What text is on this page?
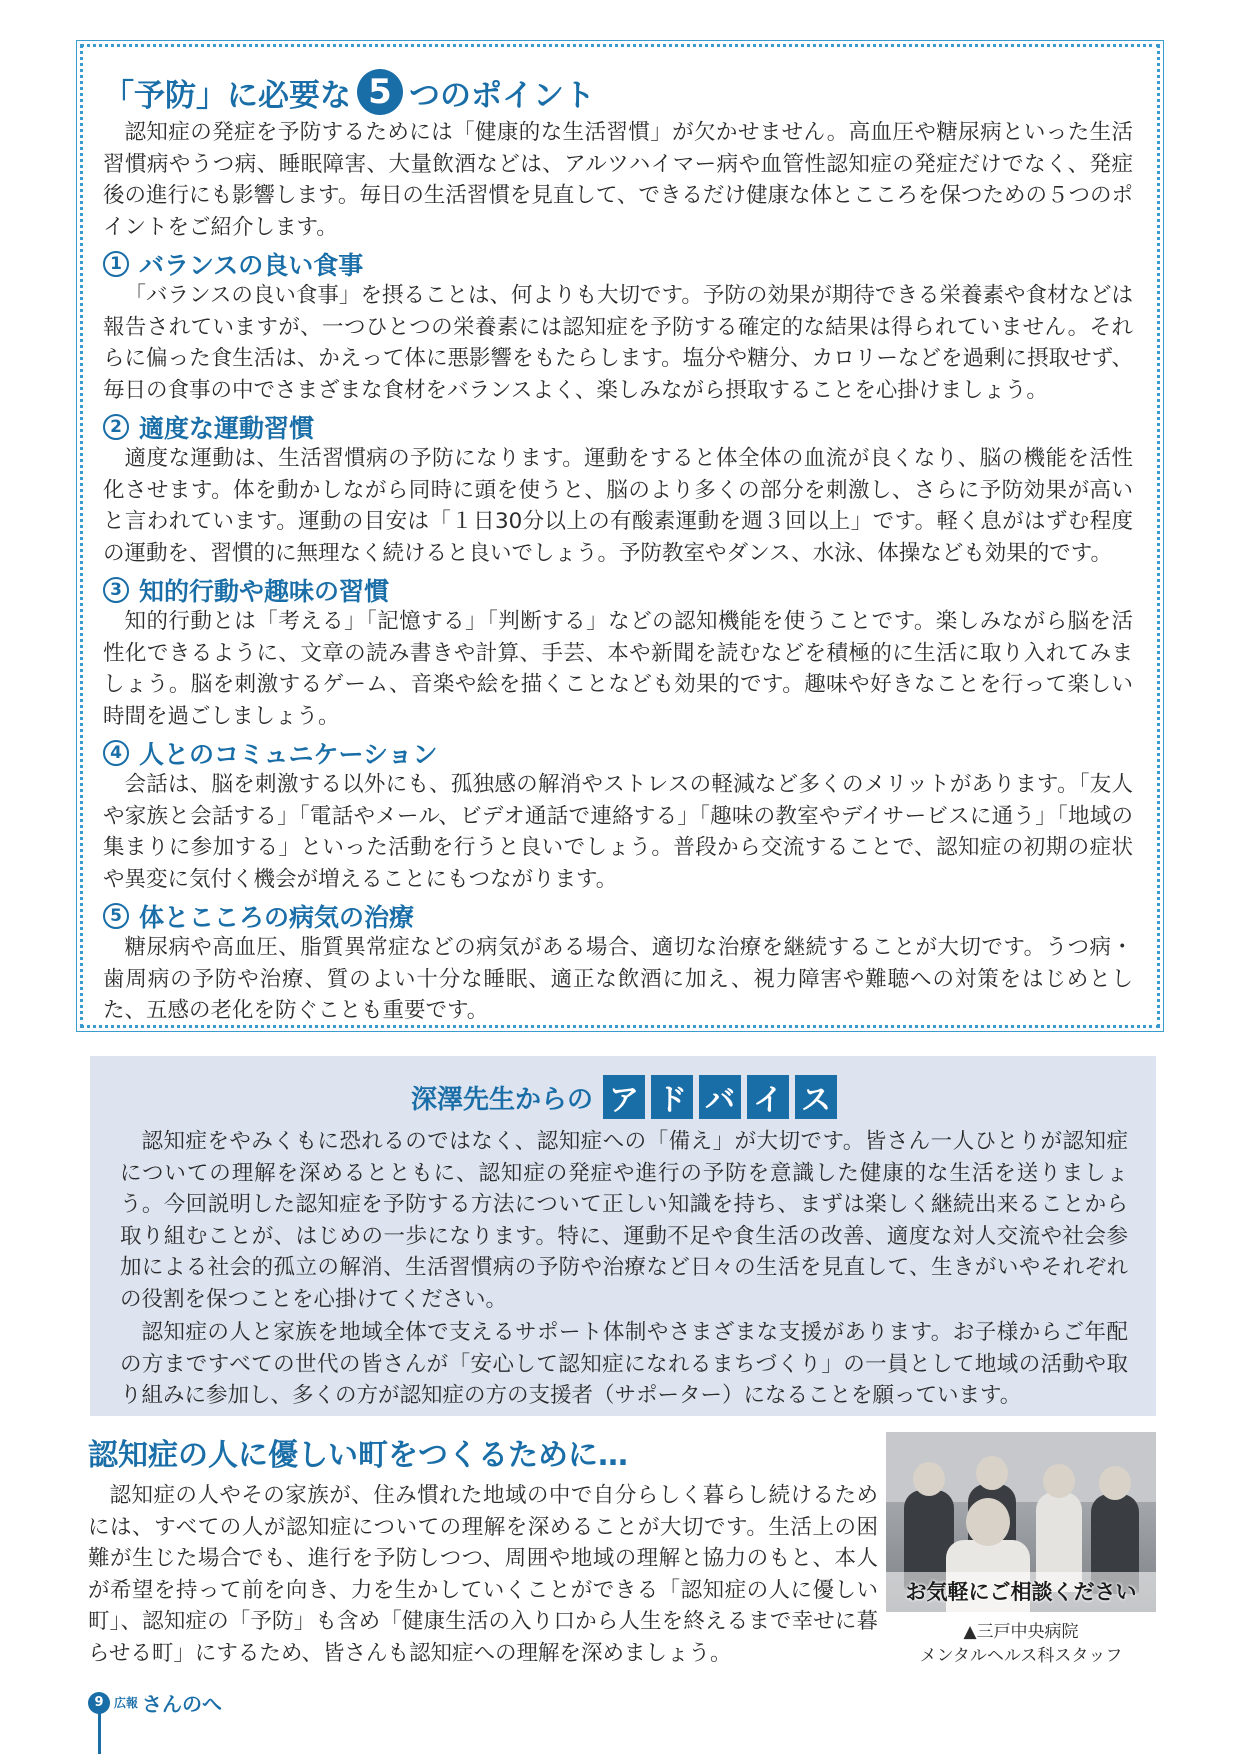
「予防」に必要な 5 つのポイント

認知症の発症を予防するためには「健康的な生活習慣」が欠かせません。高血圧や糖尿病といった生活習慣病やうつ病、睡眠障害、大量飲酒などは、アルツハイマー病や血管性認知症の発症だけでなく、発症後の進行にも影響します。毎日の生活習慣を見直して、できるだけ健康な体とこころを保つための５つのポイントをご紹介します。

1 バランスの良い食事

「バランスの良い食事」を摂ることは、何よりも大切です。予防の効果が期待できる栄養素や食材などは報告されていますが、一つひとつの栄養素には認知症を予防する確定的な結果は得られていません。それらに偏った食生活は、かえって体に悪影響をもたらします。塩分や糖分、カロリーなどを過剰に摂取せず、毎日の食事の中でさまざまな食材をバランスよく、楽しみながら摂取することを心掛けましょう。

2 適度な運動習慣

適度な運動は、生活習慣病の予防になります。運動をすると体全体の血流が良くなり、脳の機能を活性化させます。体を動かしながら同時に頭を使うと、脳のより多くの部分を刺激し、さらに予防効果が高いと言われています。運動の目安は「１日30分以上の有酸素運動を週３回以上」です。軽く息がはずむ程度の運動を、習慣的に無理なく続けると良いでしょう。予防教室やダンス、水泳、体操なども効果的です。

3 知的行動や趣味の習慣

知的行動とは「考える」「記憶する」「判断する」などの認知機能を使うことです。楽しみながら脳を活性化できるように、文章の読み書きや計算、手芸、本や新聞を読むなどを積極的に生活に取り入れてみましょう。脳を刺激するゲーム、音楽や絵を描くことなども効果的です。趣味や好きなことを行って楽しい時間を過ごしましょう。

4 人とのコミュニケーション

会話は、脳を刺激する以外にも、孤独感の解消やストレスの軽減など多くのメリットがあります。「友人や家族と会話する」「電話やメール、ビデオ通話で連絡する」「趣味の教室やデイサービスに通う」「地域の集まりに参加する」といった活動を行うと良いでしょう。普段から交流することで、認知症の初期の症状や異変に気付く機会が増えることにもつながります。

5 体とこころの病気の治療

糖尿病や高血圧、脂質異常症などの病気がある場合、適切な治療を継続することが大切です。うつ病・歯周病の予防や治療、質のよい十分な睡眠、適正な飲酒に加え、視力障害や難聴への対策をはじめとした、五感の老化を防ぐことも重要です。

深澤先生からの ア ド バ イ ス

認知症をやみくもに恐れるのではなく、認知症への「備え」が大切です。皆さん一人ひとりが認知症についての理解を深めるとともに、認知症の発症や進行の予防を意識した健康的な生活を送りましょう。今回説明した認知症を予防する方法について正しい知識を持ち、まずは楽しく継続出来ることから取り組むことが、はじめの一歩になります。特に、運動不足や食生活の改善、適度な対人交流や社会参加による社会的孤立の解消、生活習慣病の予防や治療など日々の生活を見直して、生きがいやそれぞれの役割を保つことを心掛けてください。

認知症の人と家族を地域全体で支えるサポート体制やさまざまな支援があります。お子様からご年配の方まですべての世代の皆さんが「安心して認知症になれるまちづくり」の一員として地域の活動や取り組みに参加し、多くの方が認知症の方の支援者（サポーター）になることを願っています。

認知症の人に優しい町をつくるために…

認知症の人やその家族が、住み慣れた地域の中で自分らしく暮らし続けるためには、すべての人が認知症についての理解を深めることが大切です。生活上の困難が生じた場合でも、進行を予防しつつ、周囲や地域の理解と協力のもと、本人が希望を持って前を向き、力を生かしていくことができる「認知症の人に優しい町」、認知症の「予防」も含め「健康生活の入り口から人生を終えるまで幸せに暮らせる町」にするため、皆さんも認知症への理解を深めましょう。

お気軽にご相談ください
▲三戸中央病院
メンタルヘルス科スタッフ
9 広報 さんのへ
